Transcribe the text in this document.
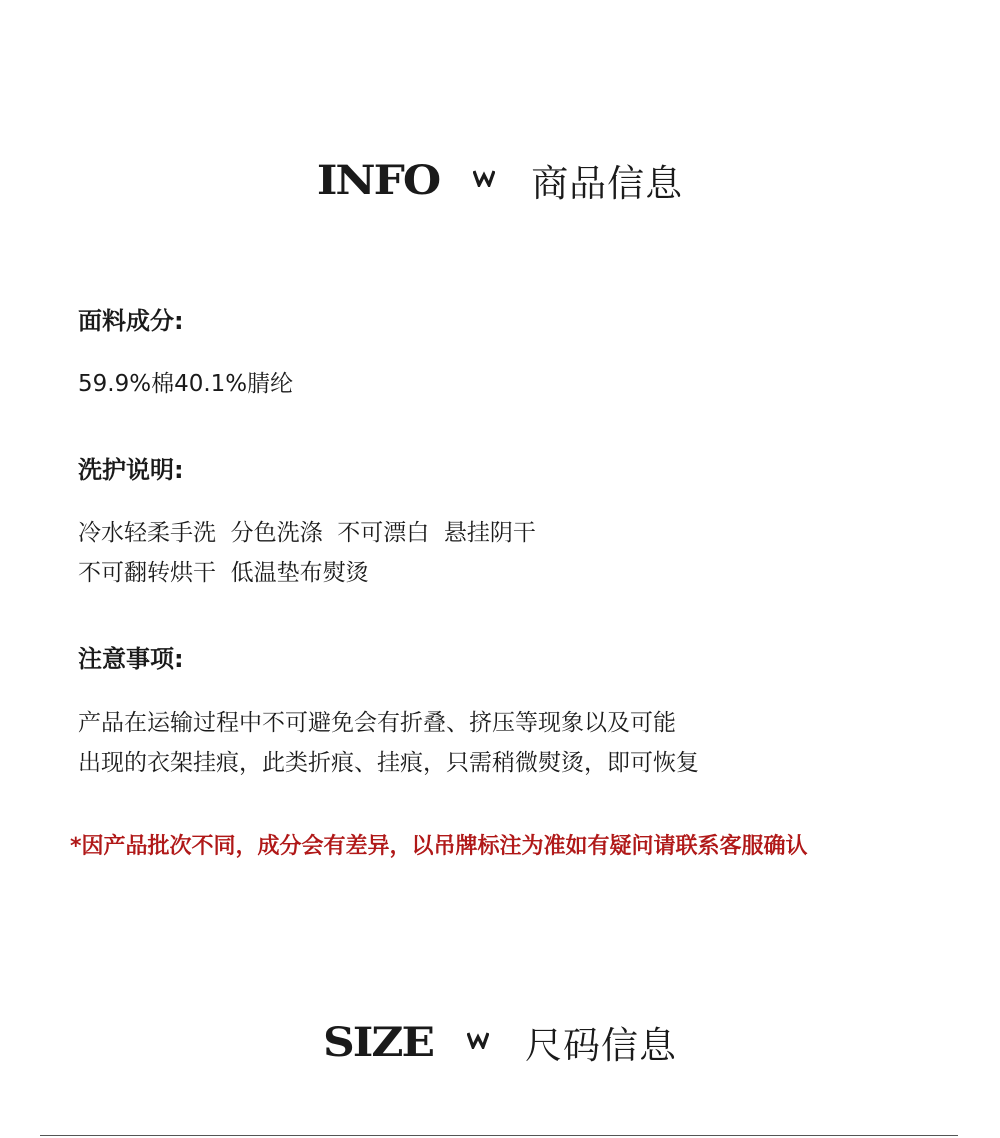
INFO 商品信息
面料成分:
59.9%棉40.1%腈纶
洗护说明:
冷水轻柔手洗  分色洗涤  不可漂白  悬挂阴干
不可翻转烘干  低温垫布熨烫
注意事项:
产品在运输过程中不可避免会有折叠、挤压等现象以及可能
出现的衣架挂痕，此类折痕、挂痕，只需稍微熨烫，即可恢复
*因产品批次不同，成分会有差异，以吊牌标注为准如有疑问请联系客服确认
SIZE 尺码信息
